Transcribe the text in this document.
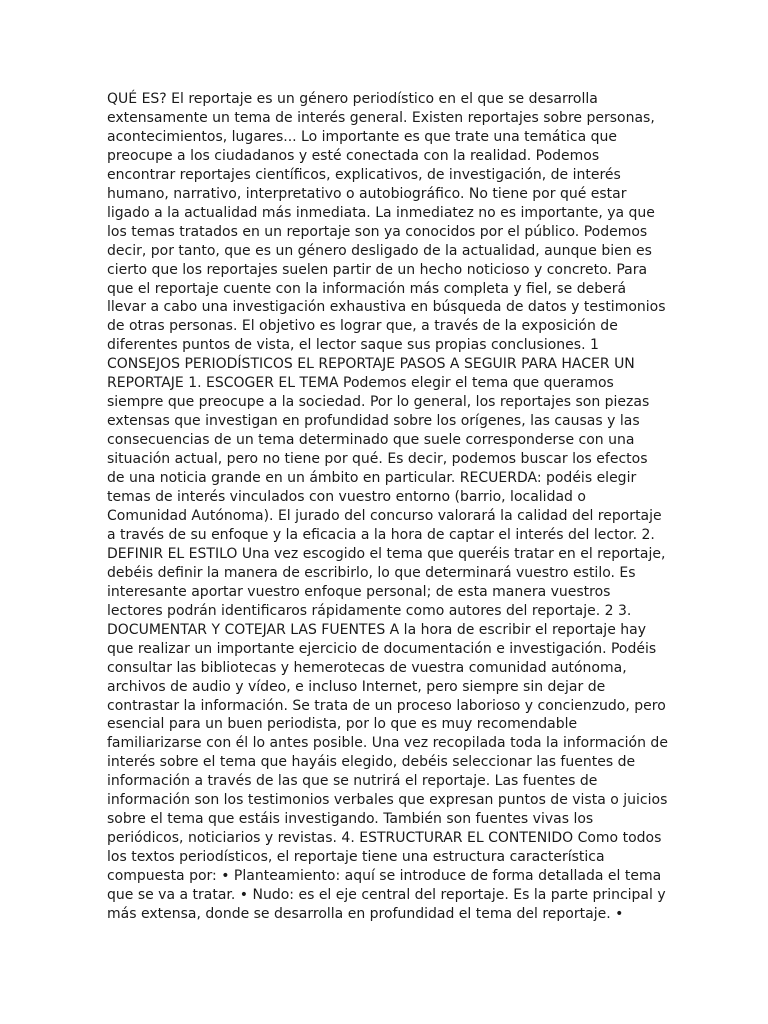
QUÉ ES? El reportaje es un género periodístico en el que se desarrolla
extensamente un tema de interés general. Existen reportajes sobre personas,
acontecimientos, lugares... Lo importante es que trate una temática que
preocupe a los ciudadanos y esté conectada con la realidad. Podemos
encontrar reportajes científicos, explicativos, de investigación, de interés
humano, narrativo, interpretativo o autobiográfico. No tiene por qué estar
ligado a la actualidad más inmediata. La inmediatez no es importante, ya que
los temas tratados en un reportaje son ya conocidos por el público. Podemos
decir, por tanto, que es un género desligado de la actualidad, aunque bien es
cierto que los reportajes suelen partir de un hecho noticioso y concreto. Para
que el reportaje cuente con la información más completa y fiel, se deberá
llevar a cabo una investigación exhaustiva en búsqueda de datos y testimonios
de otras personas. El objetivo es lograr que, a través de la exposición de
diferentes puntos de vista, el lector saque sus propias conclusiones. 1
CONSEJOS PERIODÍSTICOS EL REPORTAJE PASOS A SEGUIR PARA HACER UN
REPORTAJE 1. ESCOGER EL TEMA Podemos elegir el tema que queramos
siempre que preocupe a la sociedad. Por lo general, los reportajes son piezas
extensas que investigan en profundidad sobre los orígenes, las causas y las
consecuencias de un tema determinado que suele corresponderse con una
situación actual, pero no tiene por qué. Es decir, podemos buscar los efectos
de una noticia grande en un ámbito en particular. RECUERDA: podéis elegir
temas de interés vinculados con vuestro entorno (barrio, localidad o
Comunidad Autónoma). El jurado del concurso valorará la calidad del reportaje
a través de su enfoque y la eficacia a la hora de captar el interés del lector. 2.
DEFINIR EL ESTILO Una vez escogido el tema que queréis tratar en el reportaje,
debéis definir la manera de escribirlo, lo que determinará vuestro estilo. Es
interesante aportar vuestro enfoque personal; de esta manera vuestros
lectores podrán identificaros rápidamente como autores del reportaje. 2 3.
DOCUMENTAR Y COTEJAR LAS FUENTES A la hora de escribir el reportaje hay
que realizar un importante ejercicio de documentación e investigación. Podéis
consultar las bibliotecas y hemerotecas de vuestra comunidad autónoma,
archivos de audio y vídeo, e incluso Internet, pero siempre sin dejar de
contrastar la información. Se trata de un proceso laborioso y concienzudo, pero
esencial para un buen periodista, por lo que es muy recomendable
familiarizarse con él lo antes posible. Una vez recopilada toda la información de
interés sobre el tema que hayáis elegido, debéis seleccionar las fuentes de
información a través de las que se nutrirá el reportaje. Las fuentes de
información son los testimonios verbales que expresan puntos de vista o juicios
sobre el tema que estáis investigando. También son fuentes vivas los
periódicos, noticiarios y revistas. 4. ESTRUCTURAR EL CONTENIDO Como todos
los textos periodísticos, el reportaje tiene una estructura característica
compuesta por: • Planteamiento: aquí se introduce de forma detallada el tema
que se va a tratar. • Nudo: es el eje central del reportaje. Es la parte principal y
más extensa, donde se desarrolla en profundidad el tema del reportaje. •
